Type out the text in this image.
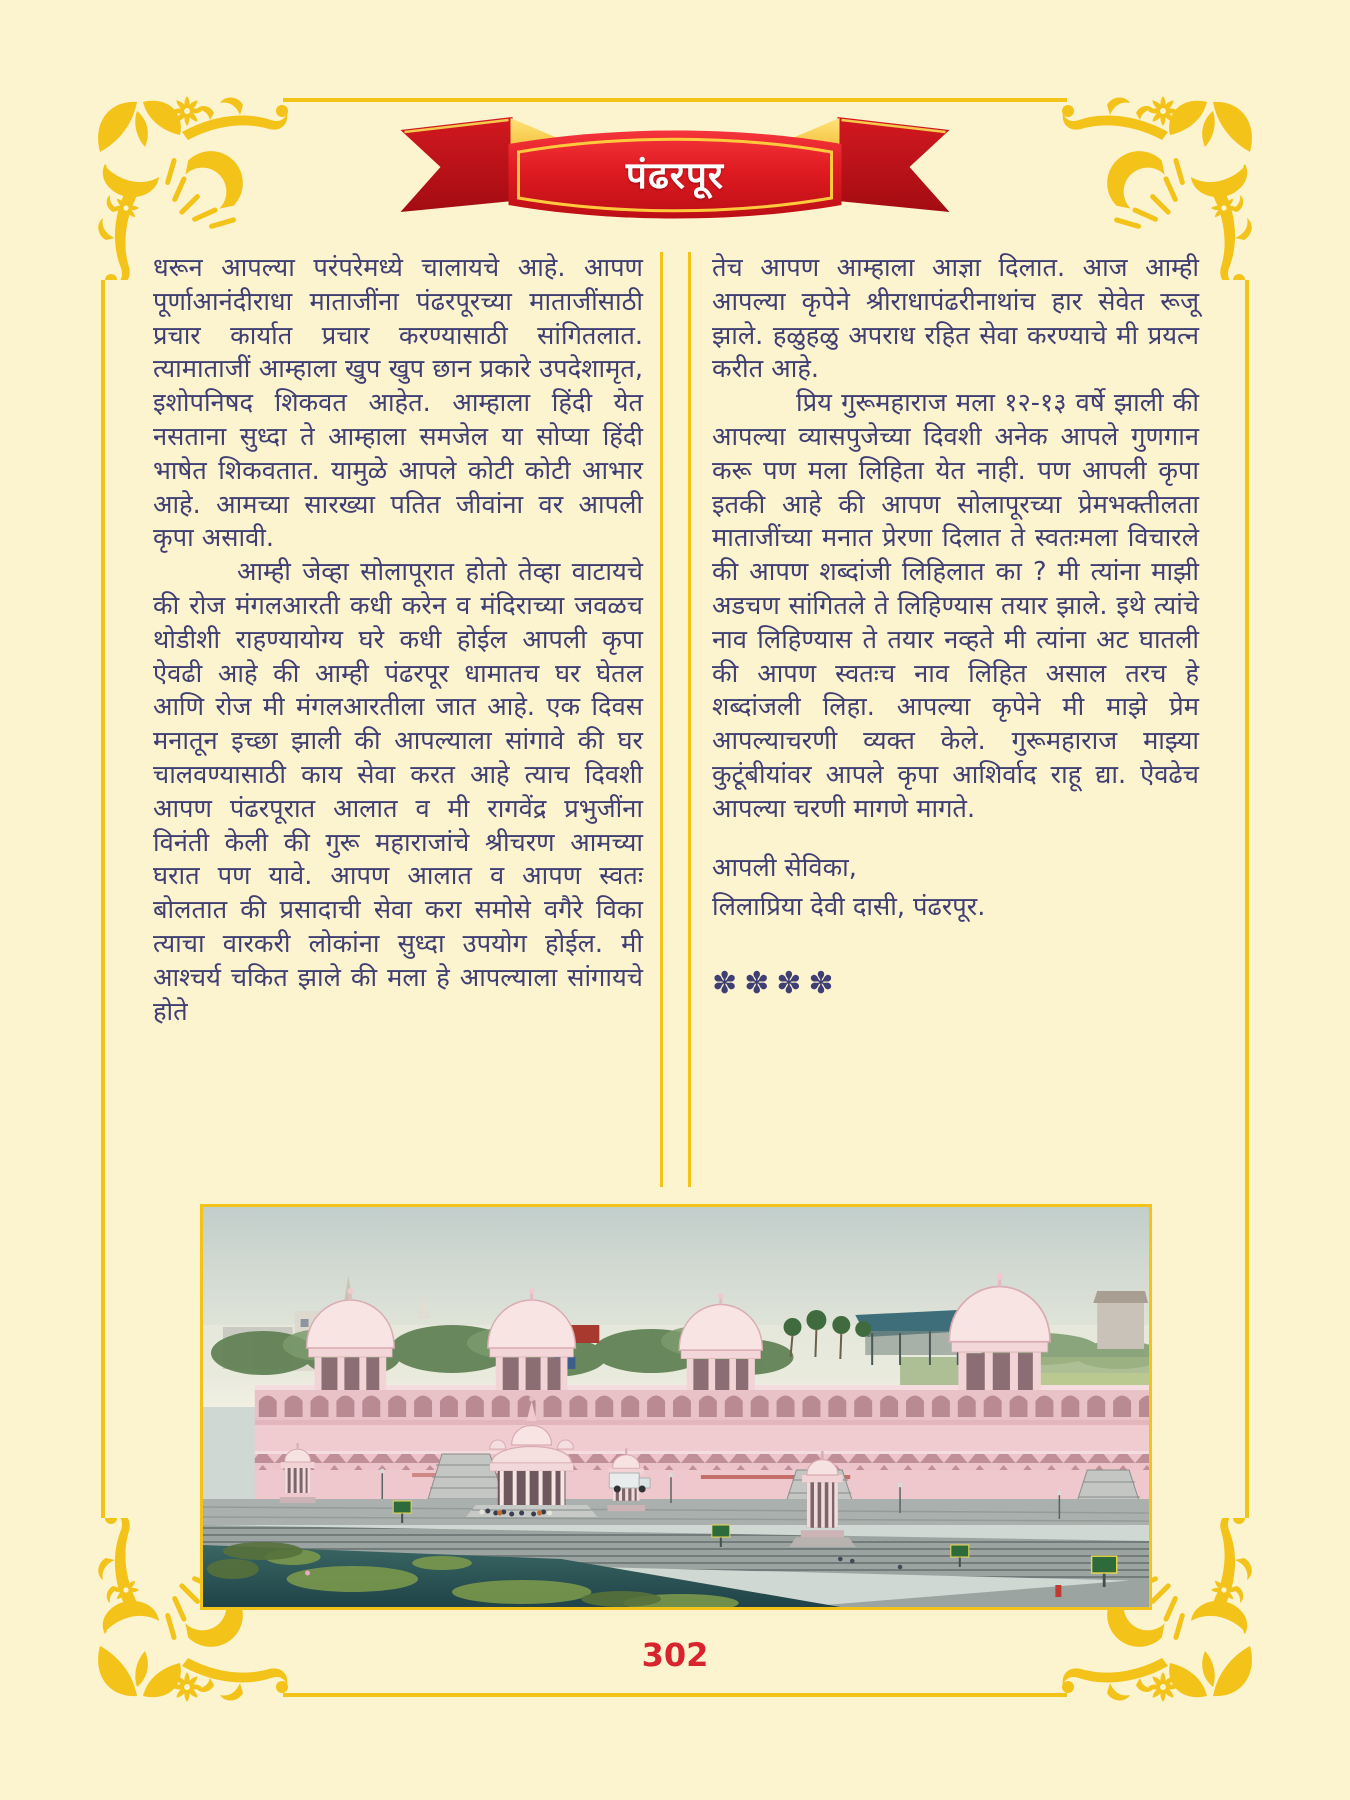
पंढरपूर

धरून आपल्या परंपरेमध्ये चालायचे आहे. आपण पूर्णाआनंदीराधा माताजींना पंढरपूरच्या माताजींसाठी प्रचार कार्यात प्रचार करण्यासाठी सांगितलात. त्यामाताजीं आम्हाला खुप खुप छान प्रकारे उपदेशामृत, इशोपनिषद शिकवत आहेत. आम्हाला हिंदी येत नसताना सुध्दा ते आम्हाला समजेल या सोप्या हिंदी भाषेत शिकवतात. यामुळे आपले कोटी कोटी आभार आहे. आमच्या सारख्या पतित जीवांना वर आपली कृपा असावी.

आम्ही जेव्हा सोलापूरात होतो तेव्हा वाटायचे की रोज मंगलआरती कधी करेन व मंदिराच्या जवळच थोडीशी राहण्यायोग्य घरे कधी होईल आपली कृपा ऐवढी आहे की आम्ही पंढरपूर धामातच घर घेतल आणि रोज मी मंगलआरतीला जात आहे. एक दिवस मनातून इच्छा झाली की आपल्याला सांगावे की घर चालवण्यासाठी काय सेवा करत आहे त्याच दिवशी आपण पंढरपूरात आलात व मी रागवेंद्र प्रभुजींना विनंती केली की गुरू महाराजांचे श्रीचरण आमच्या घरात पण यावे. आपण आलात व आपण स्वतः बोलतात की प्रसादाची सेवा करा समोसे वगैरे विका त्याचा वारकरी लोकांना सुध्दा उपयोग होईल. मी आश्चर्य चकित झाले की मला हे आपल्याला सांगायचे होते

तेच आपण आम्हाला आज्ञा दिलात. आज आम्ही आपल्या कृपेने श्रीराधापंढरीनाथांच हार सेवेत रूजू झाले. हळुहळु अपराध रहित सेवा करण्याचे मी प्रयत्न करीत आहे.

प्रिय गुरूमहाराज मला १२-१३ वर्षे झाली की आपल्या व्यासपुजेच्या दिवशी अनेक आपले गुणगान करू पण मला लिहिता येत नाही. पण आपली कृपा इतकी आहे की आपण सोलापूरच्या प्रेमभक्तीलता माताजींच्या मनात प्रेरणा दिलात ते स्वतःमला विचारले की आपण शब्दांजी लिहिलात का ? मी त्यांना माझी अडचण सांगितले ते लिहिण्यास तयार झाले. इथे त्यांचे नाव लिहिण्यास ते तयार नव्हते मी त्यांना अट घातली की आपण स्वतःच नाव लिहित असाल तरच हे शब्दांजली लिहा. आपल्या कृपेने मी माझे प्रेम आपल्याचरणी व्यक्त केले. गुरूमहाराज माझ्या कुटूंबीयांवर आपले कृपा आशिर्वाद राहू द्या. ऐवढेच आपल्या चरणी मागणे मागते.

आपली सेविका,
लिलाप्रिया देवी दासी, पंढरपूर.
✽✽✽✽
302
